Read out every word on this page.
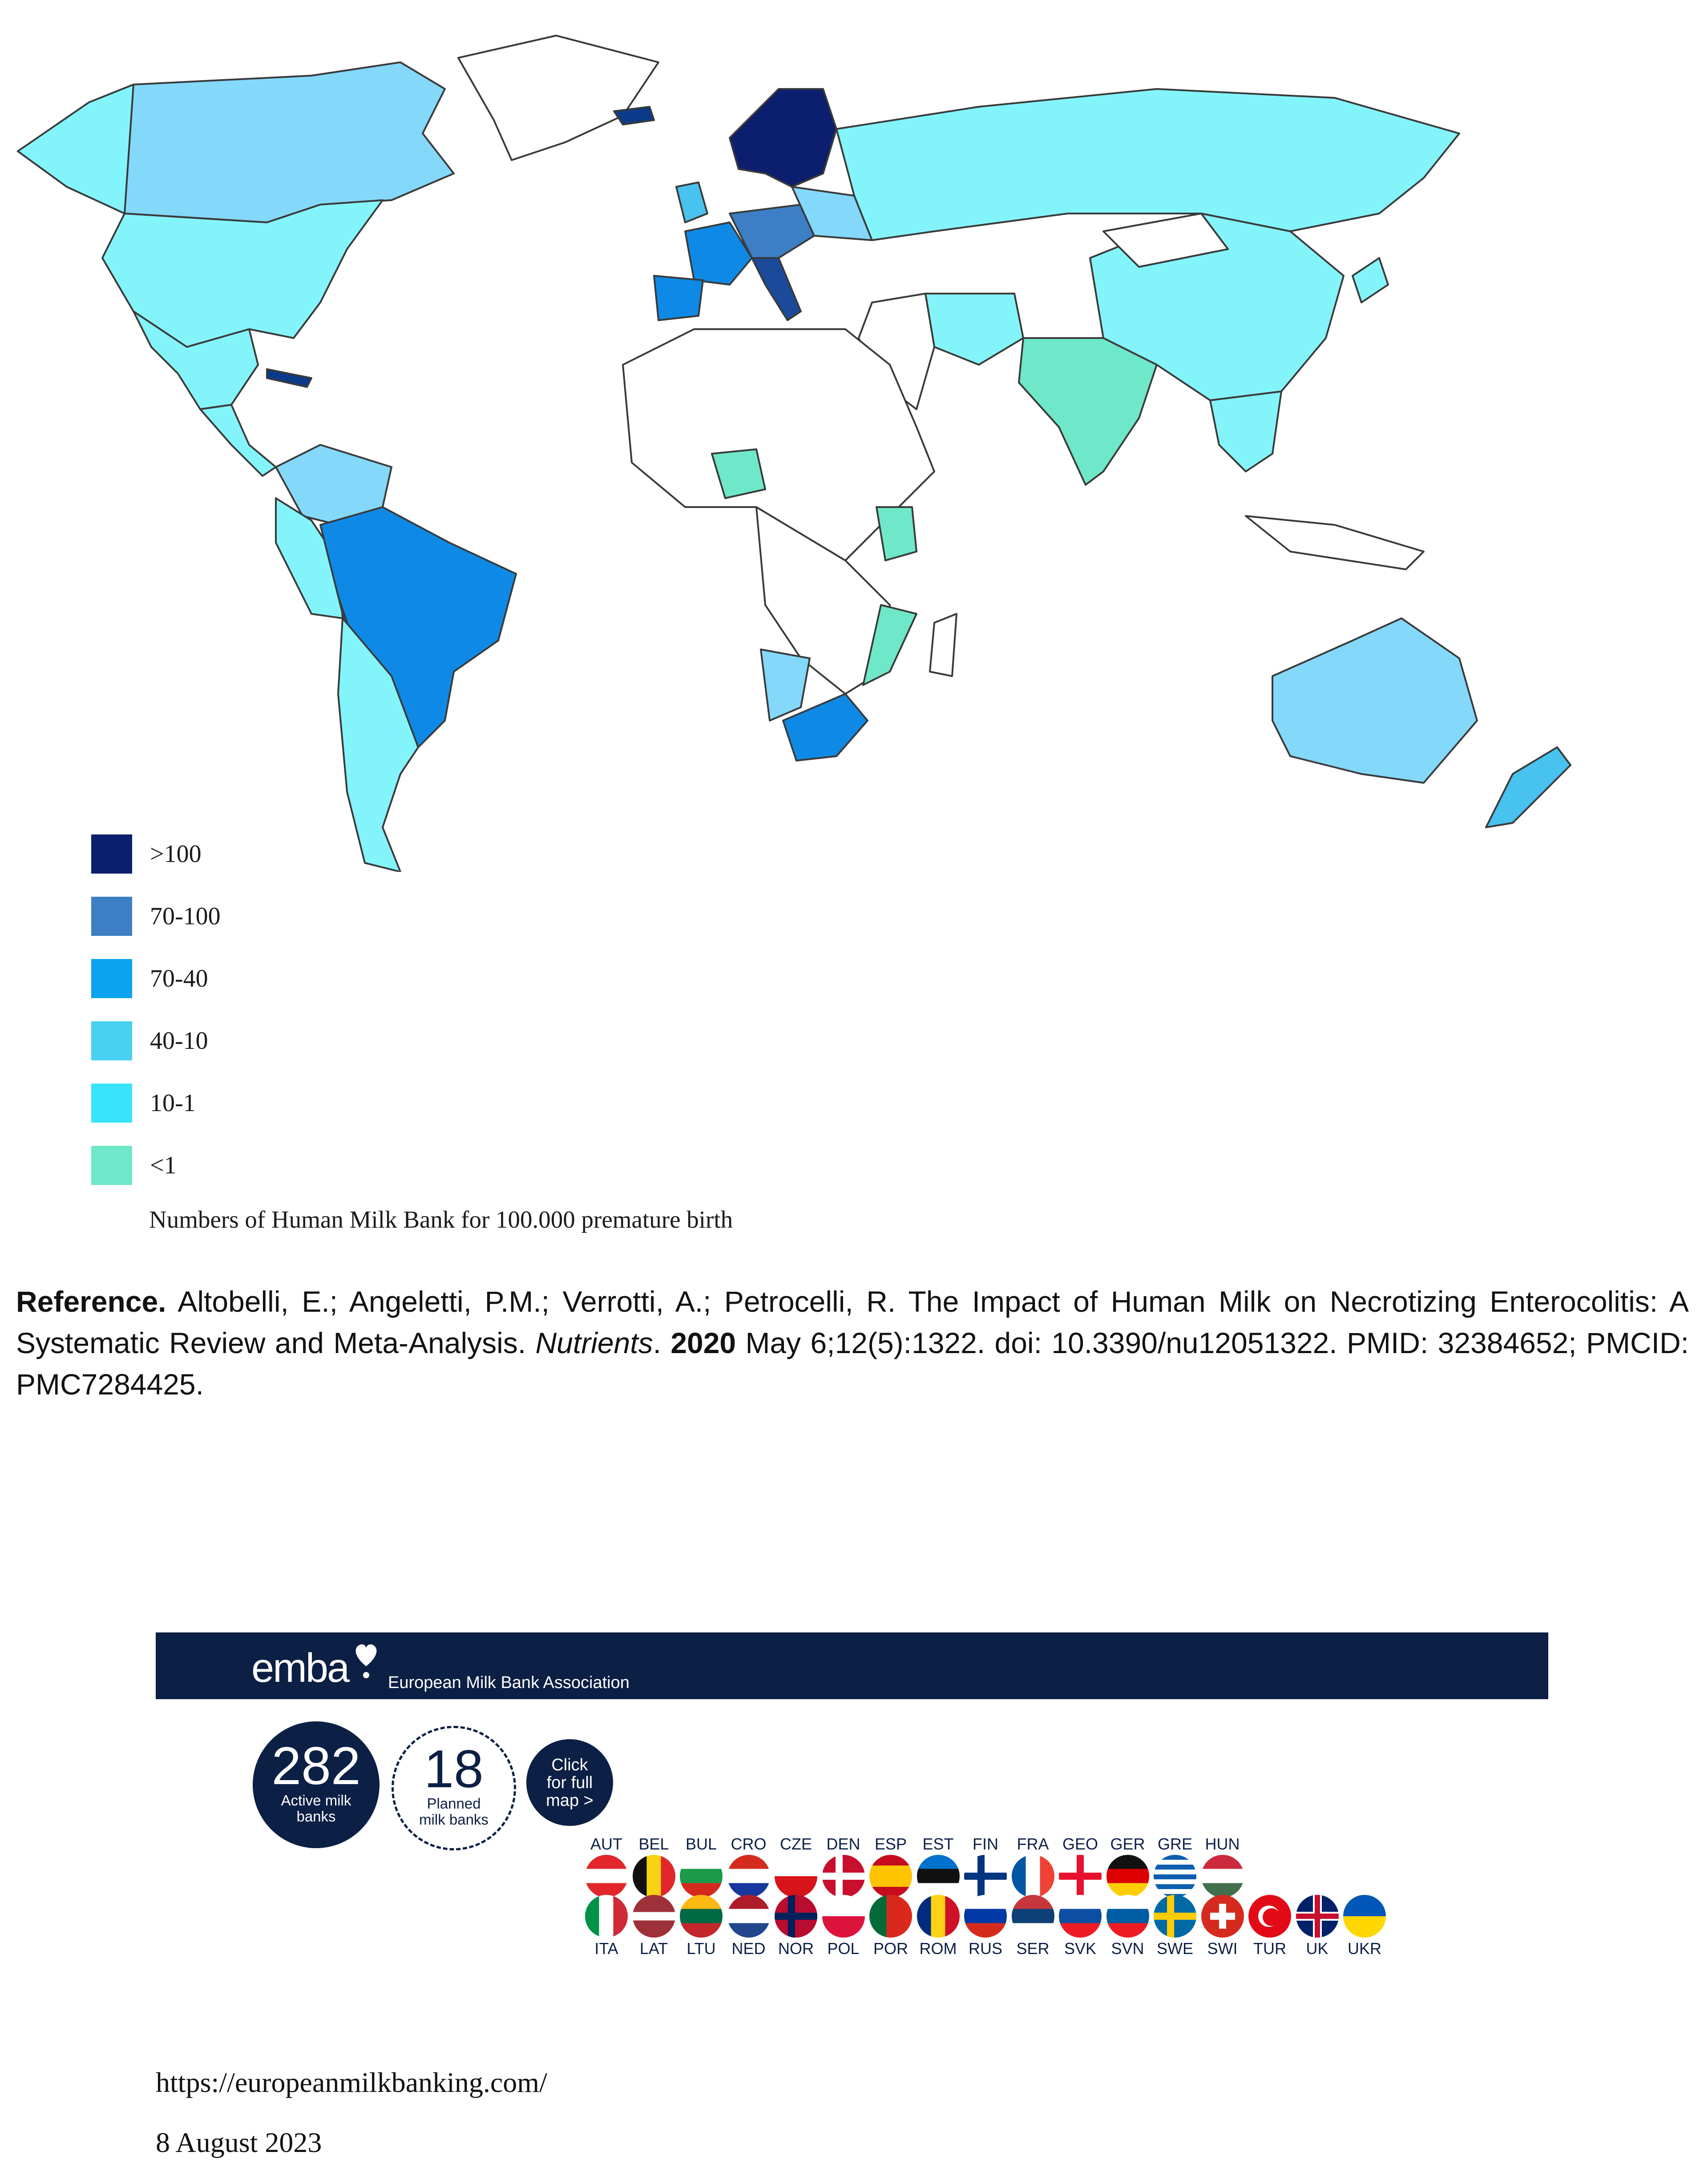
>100
70-100
70-40
40-10
10-1
<1
Numbers of Human Milk Bank for 100.000 premature birth
Reference. Altobelli, E.; Angeletti, P.M.; Verrotti, A.; Petrocelli, R. The Impact of Human Milk on Necrotizing Enterocolitis: A Systematic Review and Meta-Analysis. Nutrients. 2020 May 6;12(5):1322. doi: 10.3390/nu12051322. PMID: 32384652; PMCID: PMC7284425.
emba European Milk Bank Association
282
Active milk banks
18
Planned milk banks
Click for full map >
AUT	BEL	BUL CRO CZE DEN ESP EST	FIN	FRA GEO GER GRE HUN
ITA	LAT	LTU NED NOR POL POR ROM RUS SER SVK SVN SWE SWI TUR	UK	UKR
https://europeanmilkbanking.com/
8 August 2023
